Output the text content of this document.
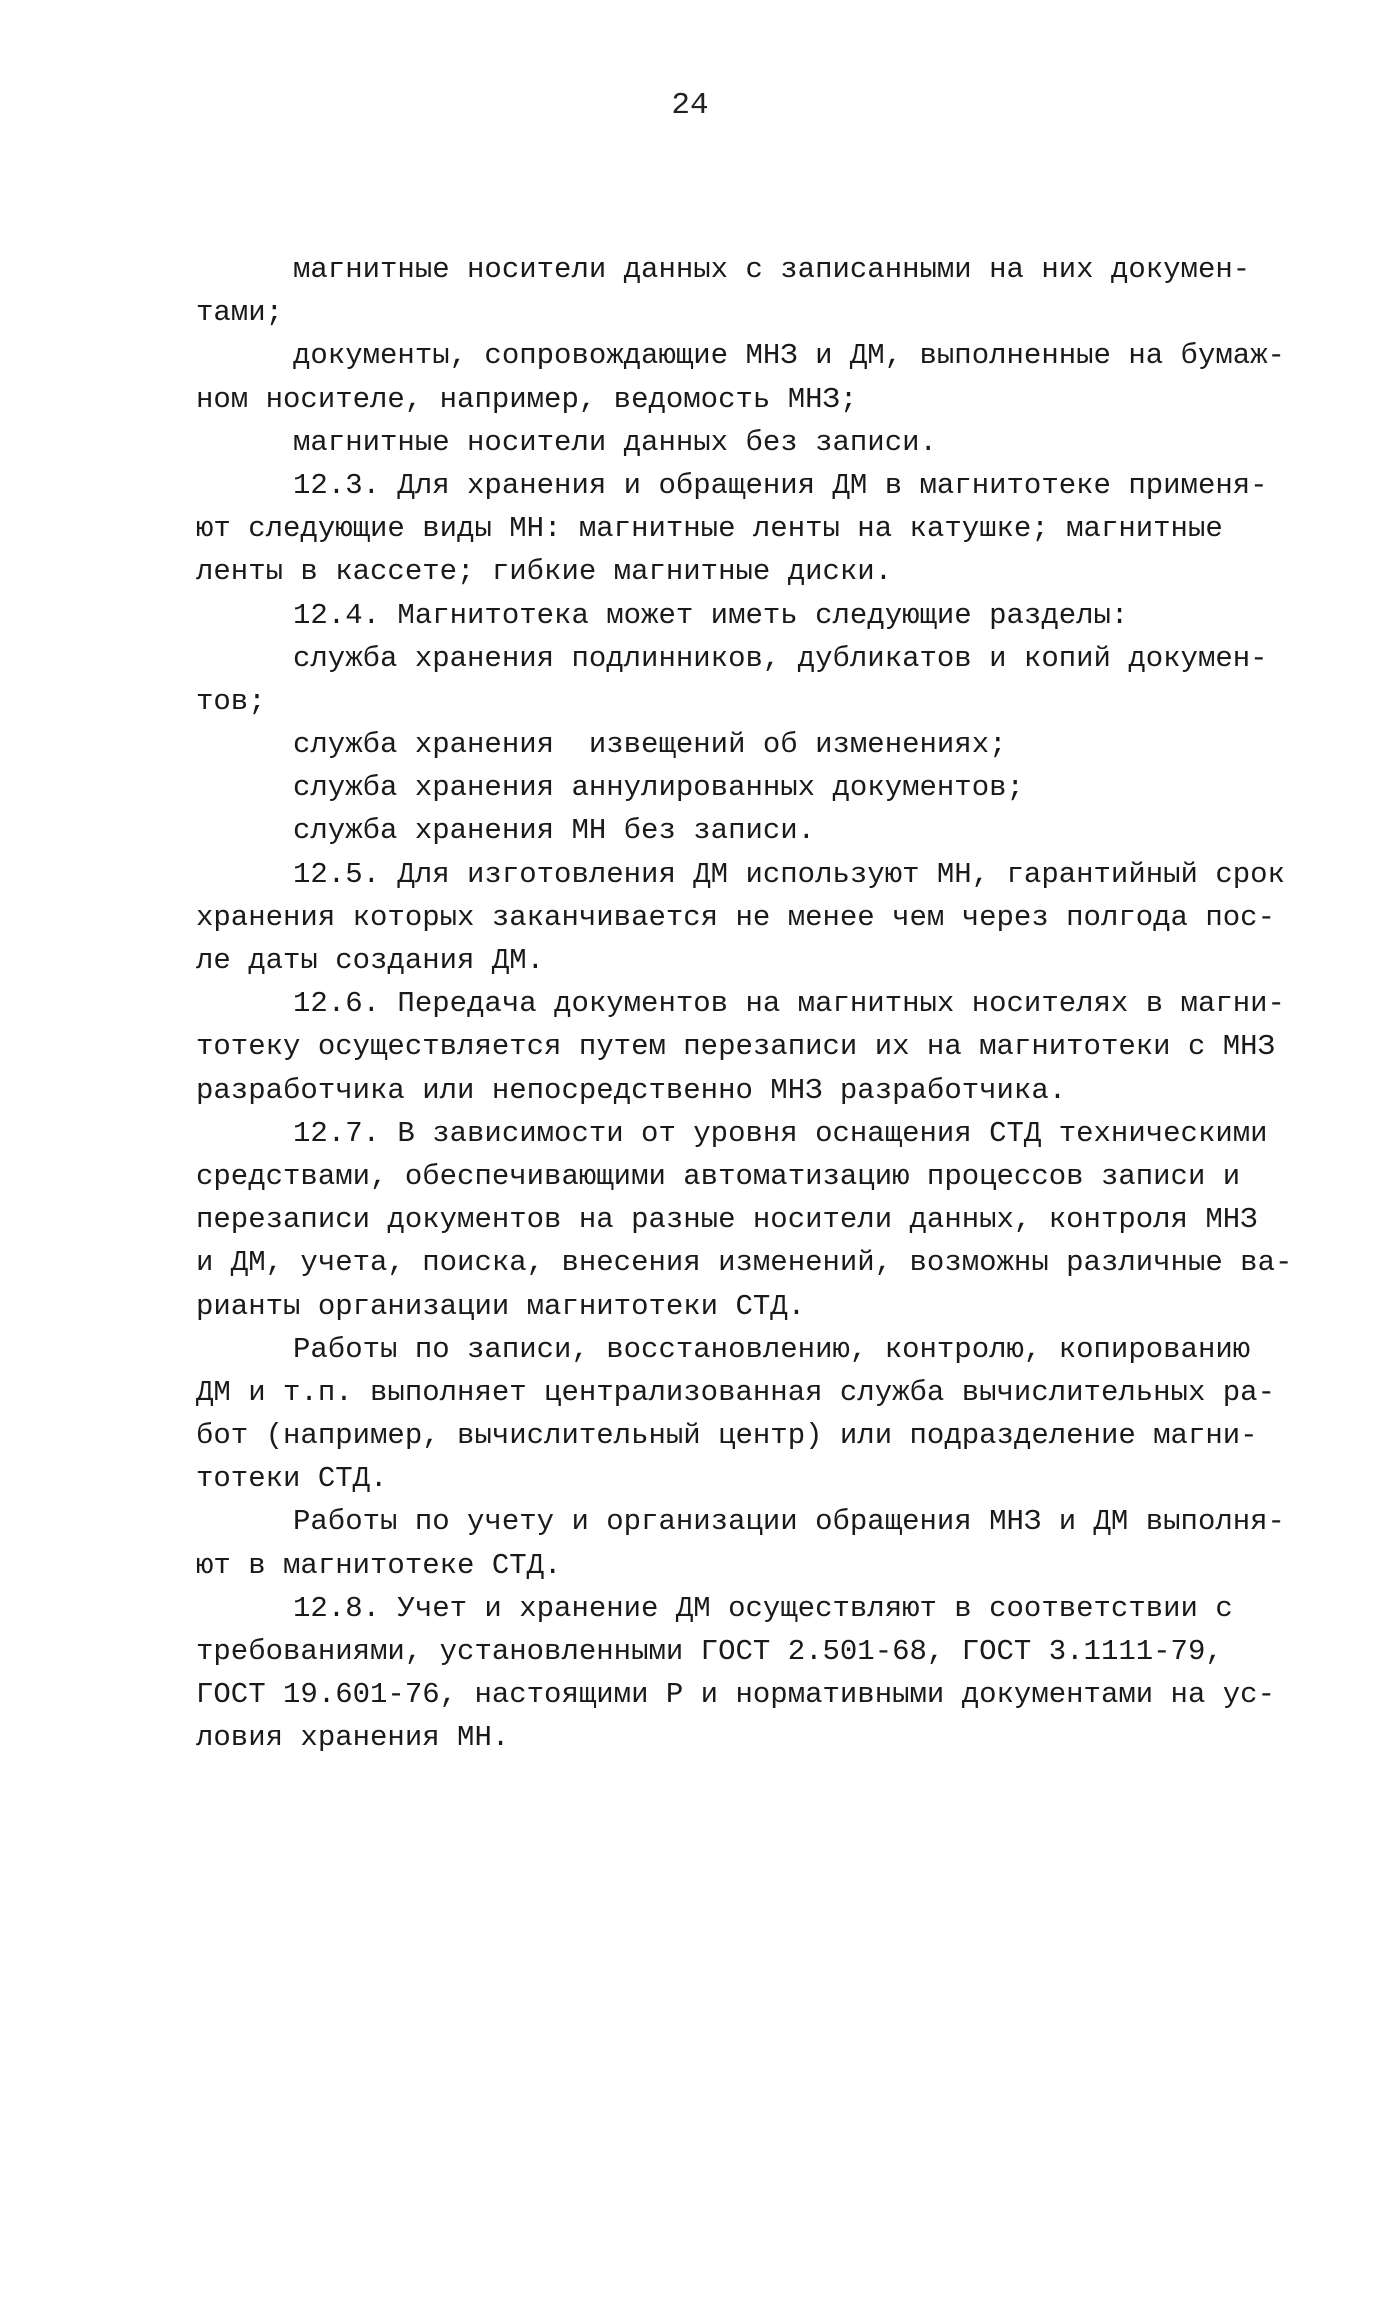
24
магнитные носители данных с записанными на них докумен-
тами;
документы, сопровождающие МНЗ и ДМ, выполненные на бумаж-
ном носителе, например, ведомость МНЗ;
магнитные носители данных без записи.
12.3. Для хранения и обращения ДМ в магнитотеке применя-
ют следующие виды МН: магнитные ленты на катушке; магнитные
ленты в кассете; гибкие магнитные диски.
12.4. Магнитотека может иметь следующие разделы:
служба хранения подлинников, дубликатов и копий докумен-
тов;
служба хранения  извещений об изменениях;
служба хранения аннулированных документов;
служба хранения МН без записи.
12.5. Для изготовления ДМ используют МН, гарантийный срок
хранения которых заканчивается не менее чем через полгода пос-
ле даты создания ДМ.
12.6. Передача документов на магнитных носителях в магни-
тотеку осуществляется путем перезаписи их на магнитотеки с МНЗ
разработчика или непосредственно МНЗ разработчика.
12.7. В зависимости от уровня оснащения СТД техническими
средствами, обеспечивающими автоматизацию процессов записи и
перезаписи документов на разные носители данных, контроля МНЗ
и ДМ, учета, поиска, внесения изменений, возможны различные ва-
рианты организации магнитотеки СТД.
Работы по записи, восстановлению, контролю, копированию
ДМ и т.п. выполняет централизованная служба вычислительных ра-
бот (например, вычислительный центр) или подразделение магни-
тотеки СТД.
Работы по учету и организации обращения МНЗ и ДМ выполня-
ют в магнитотеке СТД.
12.8. Учет и хранение ДМ осуществляют в соответствии с
требованиями, установленными ГОСТ 2.501-68, ГОСТ 3.1111-79,
ГОСТ 19.601-76, настоящими Р и нормативными документами на ус-
ловия хранения МН.
